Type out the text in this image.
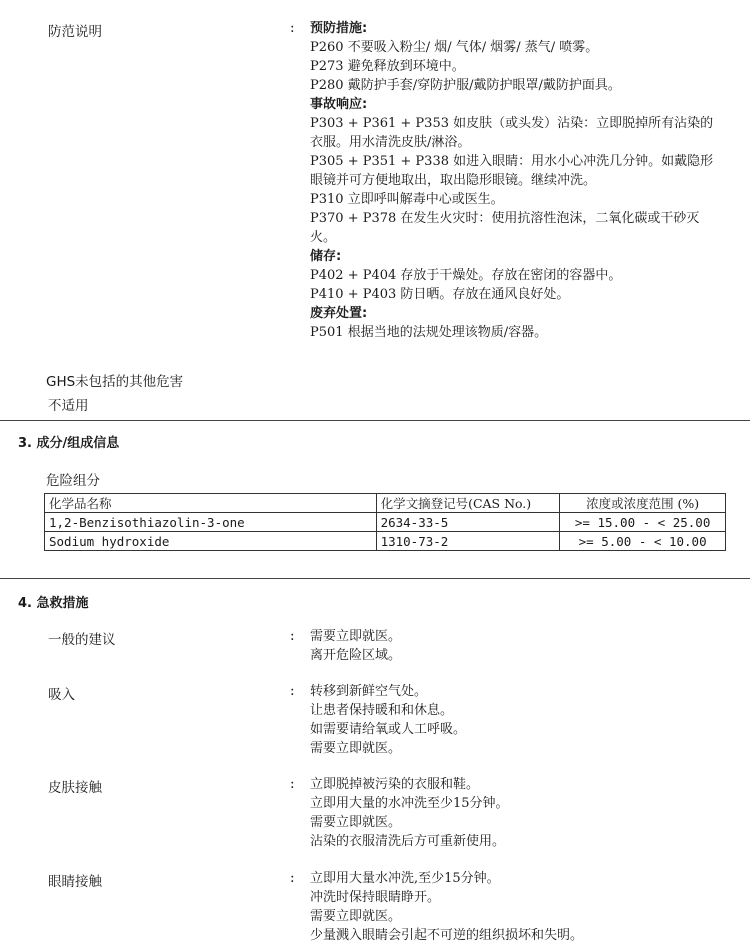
防范说明	: 预防措施:
P260 不要吸入粉尘/ 烟/ 气体/ 烟雾/ 蒸气/ 喷雾。
P273 避免释放到环境中。
P280 戴防护手套/穿防护服/戴防护眼罩/戴防护面具。
事故响应:
P303 + P361 + P353 如皮肤（或头发）沾染：立即脱掉所有沾染的
衣服。用水清洗皮肤/淋浴。
P305 + P351 + P338 如进入眼睛：用水小心冲洗几分钟。如戴隐形
眼镜并可方便地取出，取出隐形眼镜。继续冲洗。
P310 立即呼叫解毒中心或医生。
P370 + P378 在发生火灾时：使用抗溶性泡沫，二氧化碳或干砂灭
火。
储存:
P402 + P404 存放于干燥处。存放在密闭的容器中。
P410 + P403 防日晒。存放在通风良好处。
废弃处置:
P501 根据当地的法规处理该物质/容器。
GHS未包括的其他危害
不适用
3. 成分/组成信息
危险组分
化学品名称	化学文摘登记号(CAS No.)	浓度或浓度范围 (%)
1,2-Benzisothiazolin-3-one	2634-33-5	>= 15.00 - < 25.00
Sodium hydroxide	1310-73-2	>= 5.00 - < 10.00
4. 急救措施
一般的建议	: 需要立即就医。
离开危险区域。
吸入	: 转移到新鲜空气处。
让患者保持暖和和休息。
如需要请给氧或人工呼吸。
需要立即就医。
皮肤接触	: 立即脱掉被污染的衣服和鞋。
立即用大量的水冲洗至少15分钟。
需要立即就医。
沾染的衣服清洗后方可重新使用。
眼睛接触	: 立即用大量水冲洗,至少15分钟。
冲洗时保持眼睛睁开。
需要立即就医。
少量溅入眼睛会引起不可逆的组织损坏和失明。
